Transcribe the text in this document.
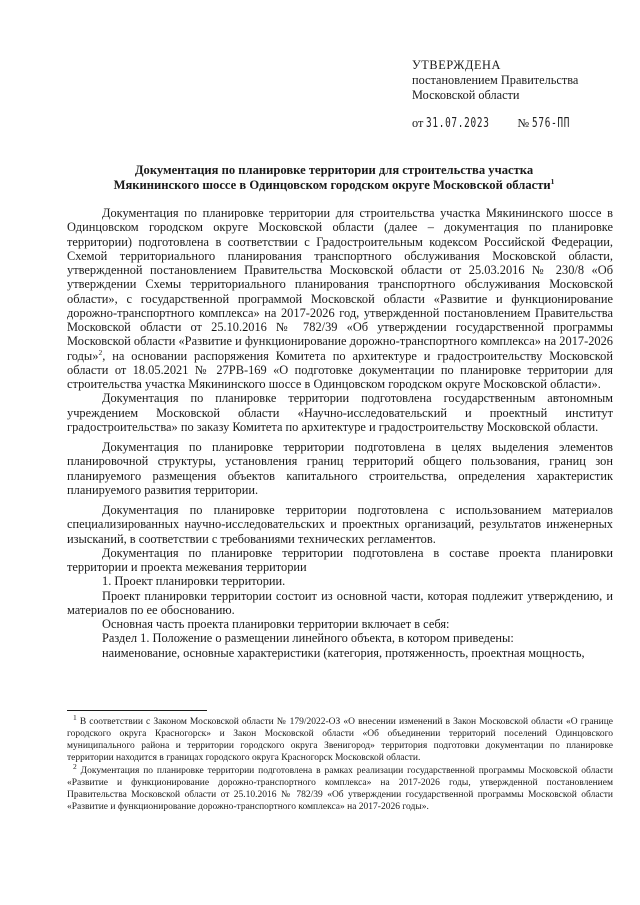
УТВЕРЖДЕНА
постановлением Правительства
Московской области
от 31.07.2023 № 576-ПП
Документация по планировке территории для строительства участка
Мякининского шоссе в Одинцовском городском округе Московской области$^1$

Документация по планировке территории для строительства участка Мякининского шоссе в Одинцовском городском округе Московской области (далее – документация по планировке территории) подготовлена в соответствии с Градостроительным кодексом Российской Федерации, Схемой территориального планирования транспортного обслуживания Московской области, утвержденной постановлением Правительства Московской области от 25.03.2016 № 230/8 «Об утверждении Схемы территориального планирования транспортного обслуживания Московской области», с государственной программой Московской области «Развитие и функционирование дорожно-транспортного комплекса» на 2017-2026 год, утвержденной постановлением Правительства Московской области от 25.10.2016 № 782/39 «Об утверждении государственной программы Московской области «Развитие и функционирование дорожно-транспортного комплекса» на 2017-2026 годы»$^2$, на основании распоряжения Комитета по архитектуре и градостроительству Московской области от 18.05.2021 № 27РВ-169 «О подготовке документации по планировке территории для строительства участка Мякининского шоссе в Одинцовском городском округе Московской области».

Документация по планировке территории подготовлена государственным автономным учреждением Московской области «Научно-исследовательский и проектный институт градостроительства» по заказу Комитета по архитектуре и градостроительству Московской области.

Документация по планировке территории подготовлена в целях выделения элементов планировочной структуры, установления границ территорий общего пользования, границ зон планируемого размещения объектов капитального строительства, определения характеристик планируемого развития территории.

Документация по планировке территории подготовлена с использованием материалов специализированных научно-исследовательских и проектных организаций, результатов инженерных изысканий, в соответствии с требованиями технических регламентов.

Документация по планировке территории подготовлена в составе проекта планировки территории и проекта межевания территории

1. Проект планировки территории.

Проект планировки территории состоит из основной части, которая подлежит утверждению, и материалов по ее обоснованию.

Основная часть проекта планировки территории включает в себя:

Раздел 1. Положение о размещении линейного объекта, в котором приведены:

наименование, основные характеристики (категория, протяженность, проектная мощность,

$^1$ В соответствии с Законом Московской области № 179/2022-ОЗ «О внесении изменений в Закон Московской области «О границе городского округа Красногорск» и Закон Московской области «Об объединении территорий поселений Одинцовского муниципального района и территории городского округа Звенигород» территория подготовки документации по планировке территории находится в границах городского округа Красногорск Московской области.

$^2$ Документация по планировке территории подготовлена в рамках реализации государственной программы Московской области «Развитие и функционирование дорожно-транспортного комплекса» на 2017-2026 годы, утвержденной постановлением Правительства Московской области от 25.10.2016 № 782/39 «Об утверждении государственной программы Московской области «Развитие и функционирование дорожно-транспортного комплекса» на 2017-2026 годы».
